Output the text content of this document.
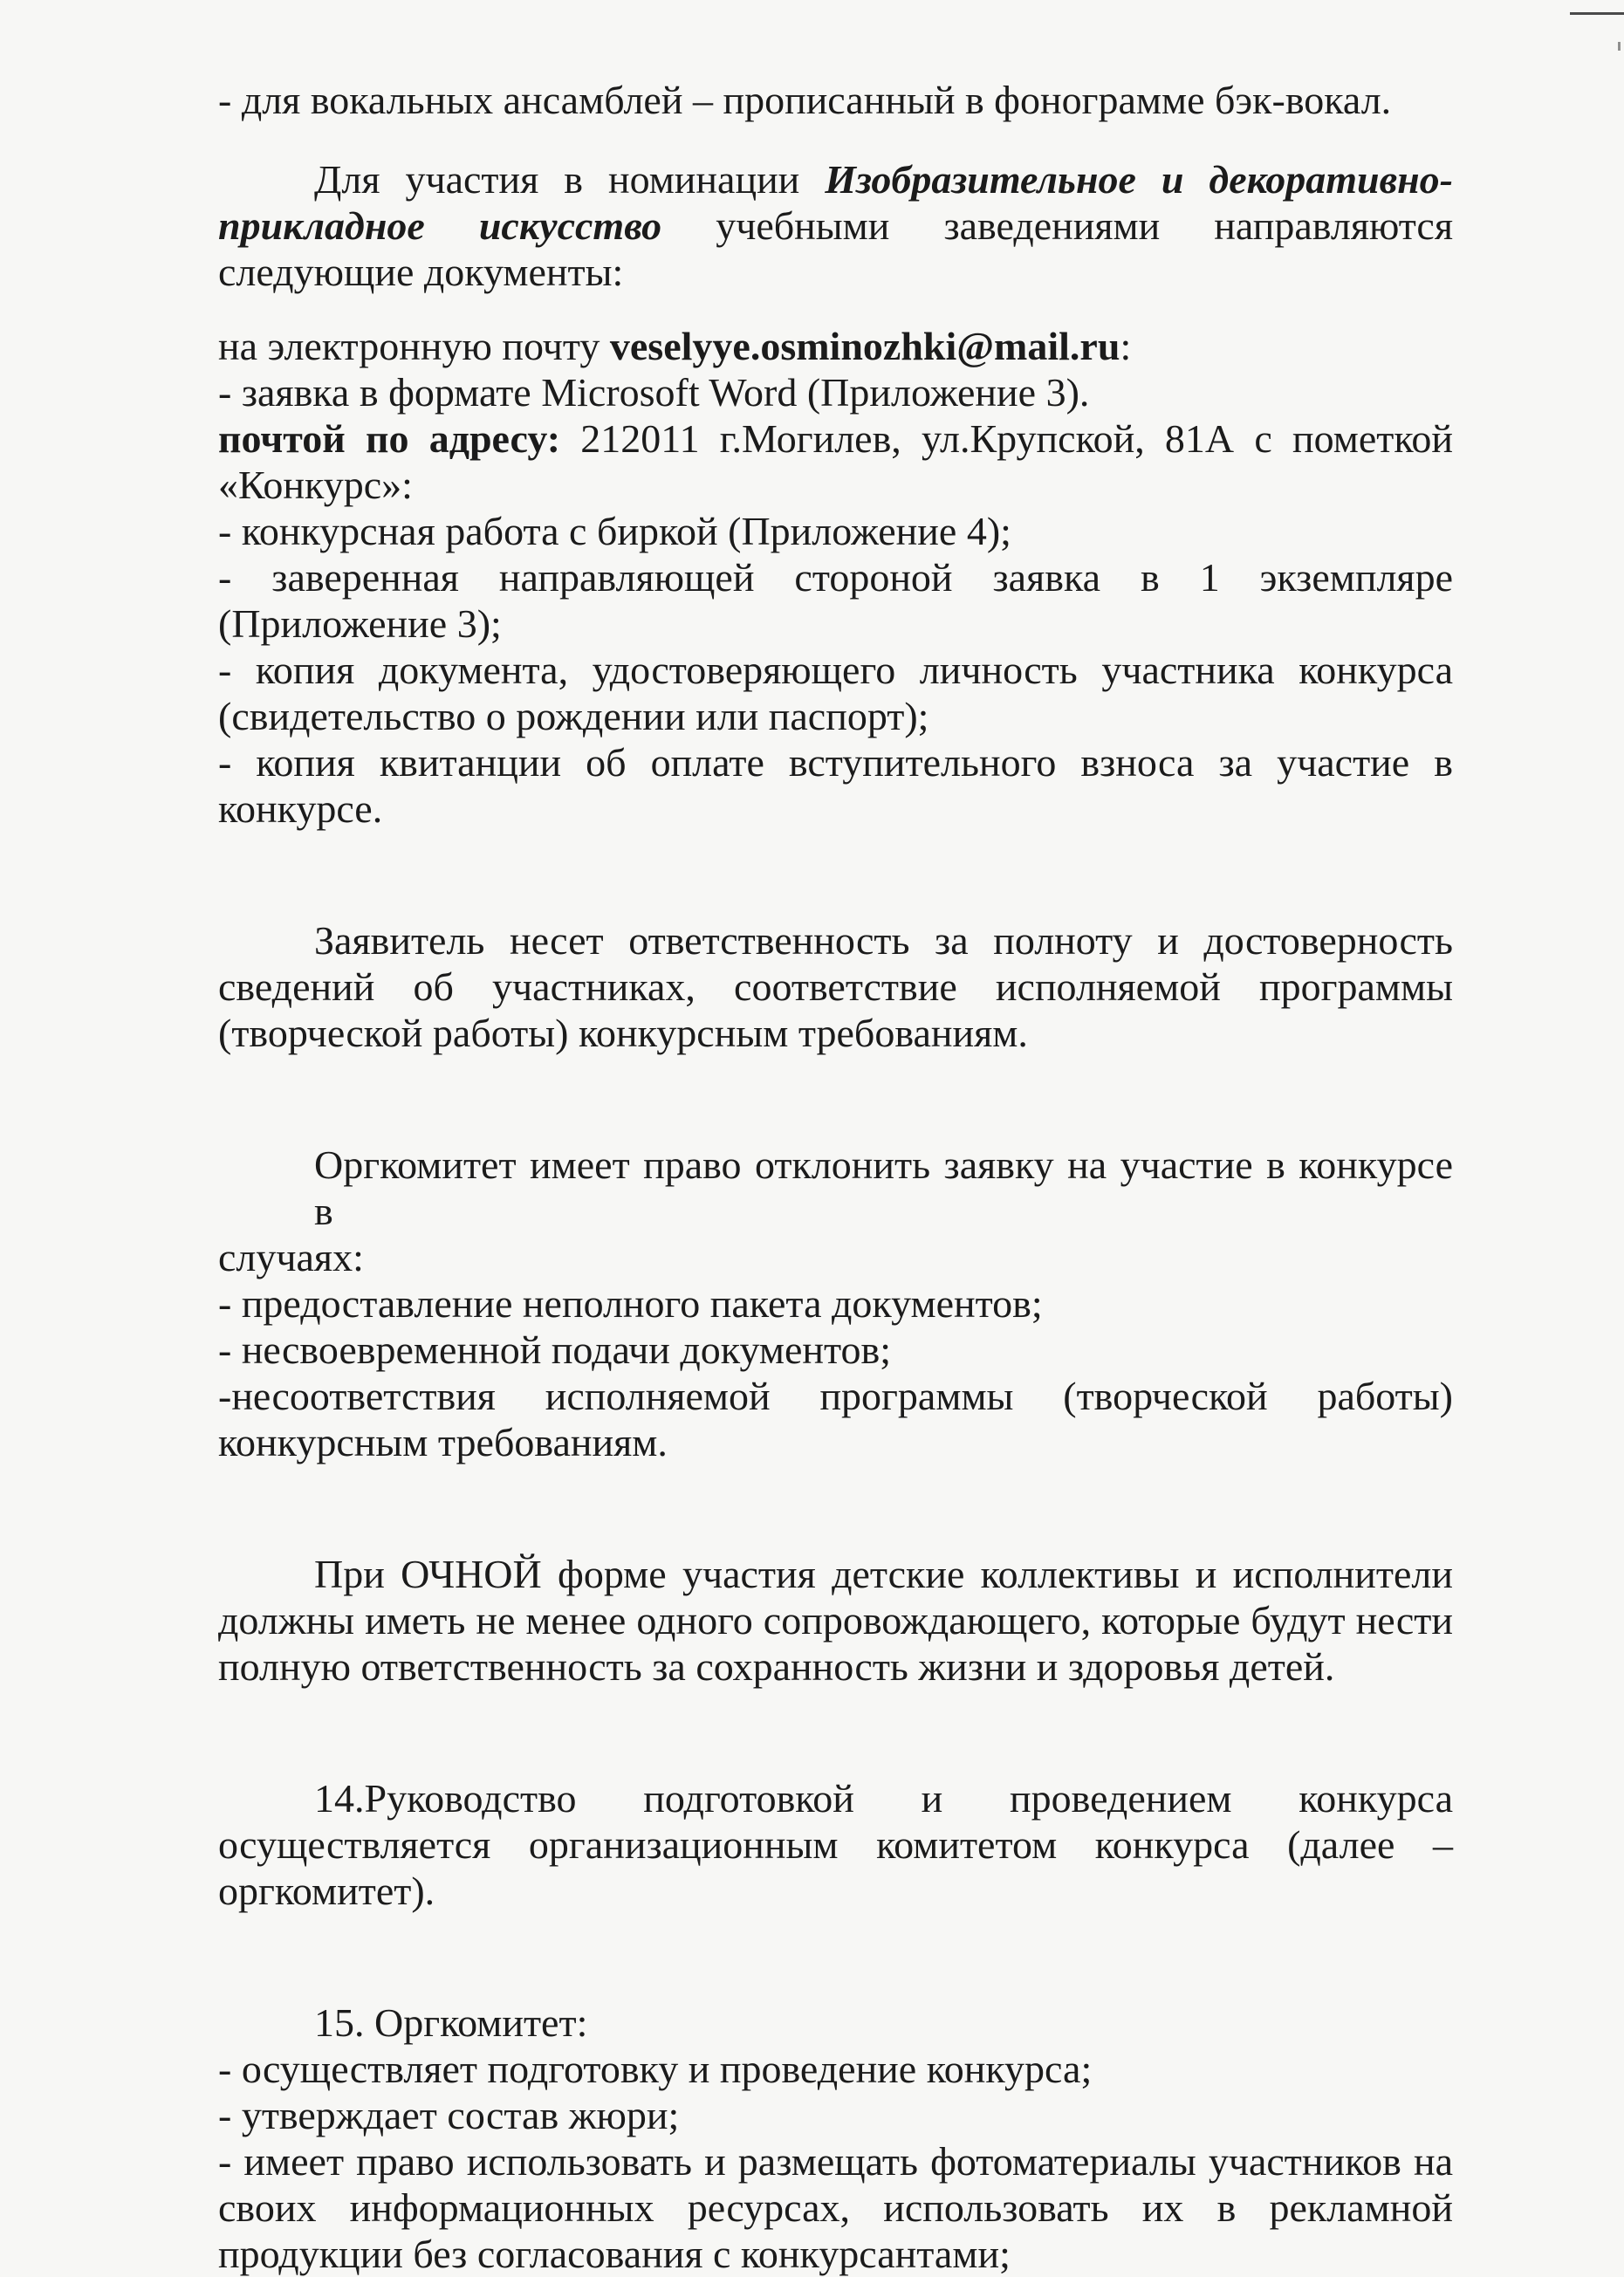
- для вокальных ансамблей – прописанный в фонограмме бэк-вокал.
Для участия в номинации Изобразительное и декоративно-
прикладное искусство учебными заведениями направляются
следующие документы:
на электронную почту veselyye.osminozhki@mail.ru:
- заявка в формате Microsoft Word (Приложение 3).
почтой по адресу: 212011 г.Могилев, ул.Крупской, 81А с пометкой
«Конкурс»:
- конкурсная работа с биркой (Приложение 4);
- заверенная направляющей стороной заявка в 1 экземпляре
(Приложение 3);
- копия документа, удостоверяющего личность участника конкурса
(свидетельство о рождении или паспорт);
- копия квитанции об оплате вступительного взноса за участие в
конкурсе.
Заявитель несет ответственность за полноту и достоверность
сведений об участниках, соответствие исполняемой программы
(творческой работы) конкурсным требованиям.
Оргкомитет имеет право отклонить заявку на участие в конкурсе в
случаях:
- предоставление неполного пакета документов;
- несвоевременной подачи документов;
-несоответствия исполняемой программы (творческой работы)
конкурсным требованиям.
При ОЧНОЙ форме участия детские коллективы и исполнители
должны иметь не менее одного сопровождающего, которые будут нести
полную ответственность за сохранность жизни и здоровья детей.
14.Руководство подготовкой и проведением конкурса
осуществляется организационным комитетом конкурса (далее –
оргкомитет).
15. Оргкомитет:
- осуществляет подготовку и проведение конкурса;
- утверждает состав жюри;
- имеет право использовать и размещать фотоматериалы участников на
своих информационных ресурсах, использовать их в рекламной
продукции без согласования с конкурсантами;
